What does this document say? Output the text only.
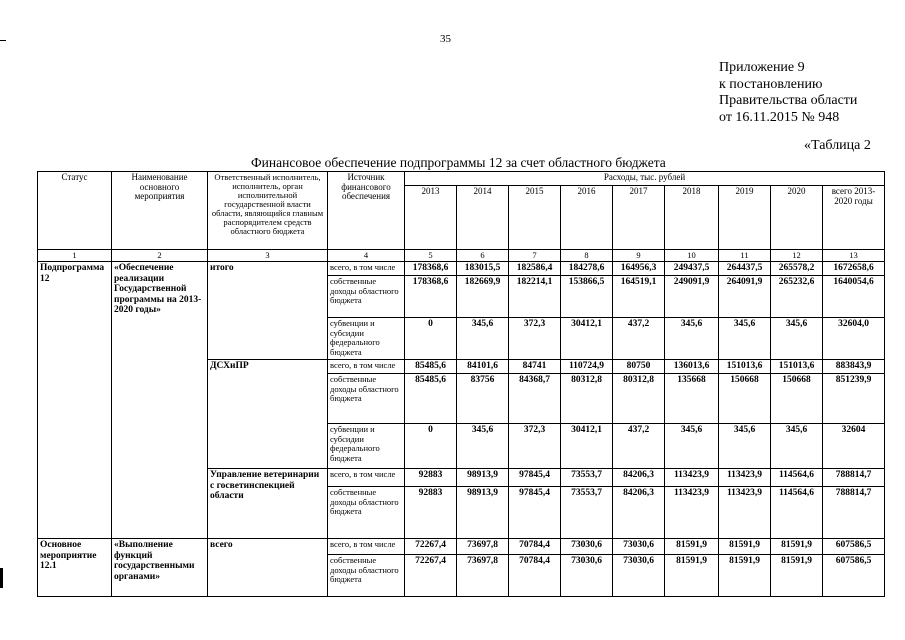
35
Приложение 9
к постановлению
Правительства области
от 16.11.2015 № 948
«Таблица 2
Финансовое обеспечение подпрограммы 12 за счет областного бюджета
Статус	Наименование основного мероприятия	Ответственный исполнитель, исполнитель, орган исполнительной государственной власти области, являющийся главным распорядителем средств областного бюджета	Источник финансового обеспечения	Расходы, тыс. рублей								
				2013	2014	2015	2016	2017	2018	2019	2020	всего 2013-2020 годы
1	2	3	4	5	6	7	8	9	10	11	12	13
Подпрограмма 12	«Обеспечение реализации Государственной программы на 2013-2020 годы»	итого	всего, в том числе	178368,6	183015,5	182586,4	184278,6	164956,3	249437,5	264437,5	265578,2	1672658,6
			собственные доходы областного бюджета	178368,6	182669,9	182214,1	153866,5	164519,1	249091,9	264091,9	265232,6	1640054,6
			субвенции и субсидии федерального бюджета	0	345,6	372,3	30412,1	437,2	345,6	345,6	345,6	32604,0
		ДСХиПР	всего, в том числе	85485,6	84101,6	84741	110724,9	80750	136013,6	151013,6	151013,6	883843,9
			собственные доходы областного бюджета	85485,6	83756	84368,7	80312,8	80312,8	135668	150668	150668	851239,9
			субвенции и субсидии федерального бюджета	0	345,6	372,3	30412,1	437,2	345,6	345,6	345,6	32604
		Управление ветеринарии с госветинспекцией области	всего, в том числе	92883	98913,9	97845,4	73553,7	84206,3	113423,9	113423,9	114564,6	788814,7
			собственные доходы областного бюджета	92883	98913,9	97845,4	73553,7	84206,3	113423,9	113423,9	114564,6	788814,7
Основное мероприятие 12.1	«Выполнение функций государственными органами»	всего	всего, в том числе	72267,4	73697,8	70784,4	73030,6	73030,6	81591,9	81591,9	81591,9	607586,5
			собственные доходы областного бюджета	72267,4	73697,8	70784,4	73030,6	73030,6	81591,9	81591,9	81591,9	607586,5
